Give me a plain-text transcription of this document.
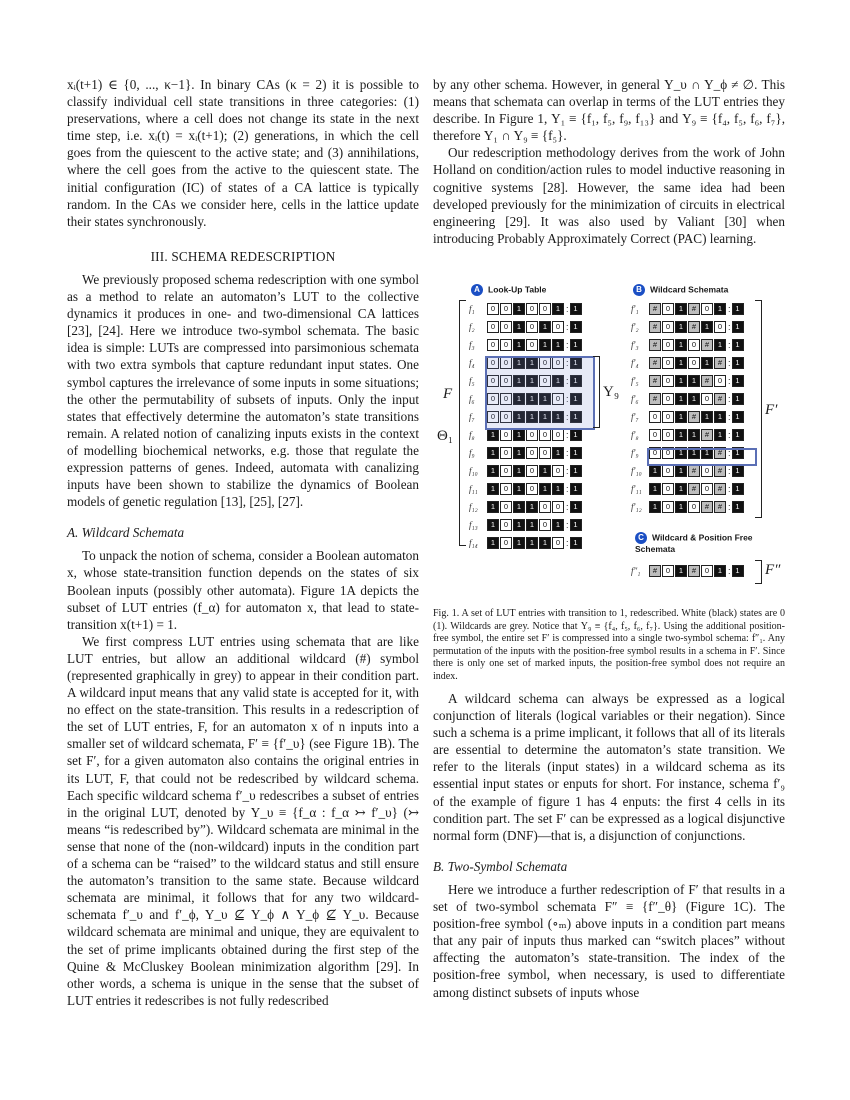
xᵢ(t+1) ∈ {0, ..., κ−1}. In binary CAs (κ = 2) it is possible to classify individual cell state transitions in three categories: (1) preservations, where a cell does not change its state in the next time step, i.e. xᵢ(t) = xᵢ(t+1); (2) generations, in which the cell goes from the quiescent to the active state; and (3) annihilations, where the cell goes from the active to the quiescent state. The initial configuration (IC) of states of a CA lattice is typically random. In the CAs we consider here, cells in the lattice update their states synchronously.

III. SCHEMA REDESCRIPTION

We previously proposed schema redescription with one symbol as a method to relate an automaton’s LUT to the collective dynamics it produces in one- and two-dimensional CA lattices [23], [24]. Here we introduce two-symbol schemata. The basic idea is simple: LUTs are compressed into parsimonious schemata with two extra symbols that capture redundant input states. One symbol captures the irrelevance of some inputs in some situations; the other the permutability of subsets of inputs. Only the input states that effectively determine the automaton’s state transitions remain. A related notion of canalizing inputs exists in the context of modelling biochemical networks, e.g. those that regulate the expression patterns of genes. Indeed, automata with canalizing inputs have been shown to stabilize the dynamics of Boolean models of genetic regulation [13], [25], [27].

A. Wildcard Schemata

To unpack the notion of schema, consider a Boolean automaton x, whose state-transition function depends on the states of six Boolean inputs (possibly other automata). Figure 1A depicts the subset of LUT entries (f_α) for automaton x, that lead to state-transition x(t+1) = 1.

We first compress LUT entries using schemata that are like LUT entries, but allow an additional wildcard (#) symbol (represented graphically in grey) to appear in their condition part. A wildcard input means that any valid state is accepted for it, with no effect on the state-transition. This results in a redescription of the set of LUT entries, F, for an automaton x of n inputs into a smaller set of wildcard schemata, F′ ≡ {f′_υ} (see Figure 1B). The set F′, for a given automaton also contains the original entries in its LUT, F, that could not be redescribed by wildcard schema. Each specific wildcard schema f′_υ redescribes a subset of entries in the original LUT, denoted by Υ_υ ≡ {f_α : f_α ↣ f′_υ} (↣ means “is redescribed by”). Wildcard schemata are minimal in the sense that none of the (non-wildcard) inputs in the condition part of a schema can be “raised” to the wildcard status and still ensure the automaton’s transition to the same state. Because wildcard schemata are minimal, it follows that for any two wildcard-schemata f′_υ and f′_ϕ, Υ_υ ⊈ Υ_ϕ ∧ Υ_ϕ ⊈ Υ_υ. Because wildcard schemata are minimal and unique, they are equivalent to the set of prime implicants obtained during the first step of the Quine & McCluskey Boolean minimization algorithm [29]. In other words, a schema is unique in the sense that the subset of LUT entries it redescribes is not fully redescribed

by any other schema. However, in general Υ_υ ∩ Υ_ϕ ≠ ∅. This means that schemata can overlap in terms of the LUT entries they describe. In Figure 1, Υ₁ ≡ {f₁, f₅, f₉, f₁₃} and Υ₉ ≡ {f₄, f₅, f₆, f₇}, therefore Υ₁ ∩ Υ₉ ≡ {f₅}.

Our redescription methodology derives from the work of John Holland on condition/action rules to model inductive reasoning in cognitive systems [28]. However, the same idea had been developed previously for the minimization of circuits in electrical engineering [29]. It was also used by Valiant [30] when introducing Probably Approximately Correct (PAC) learning.

A Look-Up Table	B Wildcard Schemata
f₁	0	0	1	0	0	1 : 1
f₂	0	0	1	0	1	0 : 1
f₃	0	0	1	0	1	1 : 1
f₄	0	0	1	1	0	0 : 1
f₅	0	0	1	1	0	1 : 1
f₆	0	0	1	1	1	0 : 1
f₇	0	0	1	1	1	1 : 1
f₈	1	0	1	0	0	0 : 1
f₉	1	0	1	0	0	1 : 1
f₁₀	1	0	1	0	1	0 : 1
f₁₁	1	0	1	0	1	1 : 1
f₁₂	1	0	1	1	0	0 : 1
f₁₃	1	0	1	1	0	1 : 1
f₁₄	1	0	1	1	1	0 : 1
f′₁	#	0	1	#	0	1 : 1
f′₂	#	0	1	#	1	0 : 1
f′₃	#	0	1	0	#	1 : 1
f′₄	#	0	1	0	1	# : 1
f′₅	#	0	1	1	#	0 : 1
f′₆	#	0	1	1	0	# : 1
f′₇	0	0	1	#	1	1 : 1
f′₈	0	0	1	1	#	1 : 1
f′₉	0	0	1	1	1	# : 1
f′₁₀	1	0	1	#	0	# : 1
f′₁₁	1	0	1	#	0	# : 1
f′₁₂	1	0	1	0	#	# : 1
Υ₉
F
Θ₁
F′
C Wildcard & Position Free Schemata
f″₁	#	0	1	#	0	1 : 1 F″
Fig. 1. A set of LUT entries with transition to 1, redescribed. White (black) states are 0 (1). Wildcards are grey. Notice that Υ₉ ≡ {f₄, f₅, f₆, f₇}. Using the additional position-free symbol, the entire set F′ is compressed into a single two-symbol schema: f″₁. Any permutation of the inputs with the position-free symbol results in a schema in F′. Since there is only one set of marked inputs, the position-free symbol does not require an index.

A wildcard schema can always be expressed as a logical conjunction of literals (logical variables or their negation). Since such a schema is a prime implicant, it follows that all of its literals are essential to determine the automaton’s state transition. We refer to the literals (input states) in a wildcard schema as its essential input states or enputs for short. For instance, schema f′₉ of the example of figure 1 has 4 enputs: the first 4 cells in its condition part. The set F′ can be expressed as a logical disjunctive normal form (DNF)—that is, a disjunction of conjunctions.

B. Two-Symbol Schemata

Here we introduce a further redescription of F′ that results in a set of two-symbol schemata F″ ≡ {f″_θ} (Figure 1C). The position-free symbol (∘ₘ) above inputs in a condition part means that any pair of inputs thus marked can “switch places” without affecting the automaton’s state-transition. The index of the position-free symbol, when necessary, is used to differentiate among distinct subsets of inputs whose
